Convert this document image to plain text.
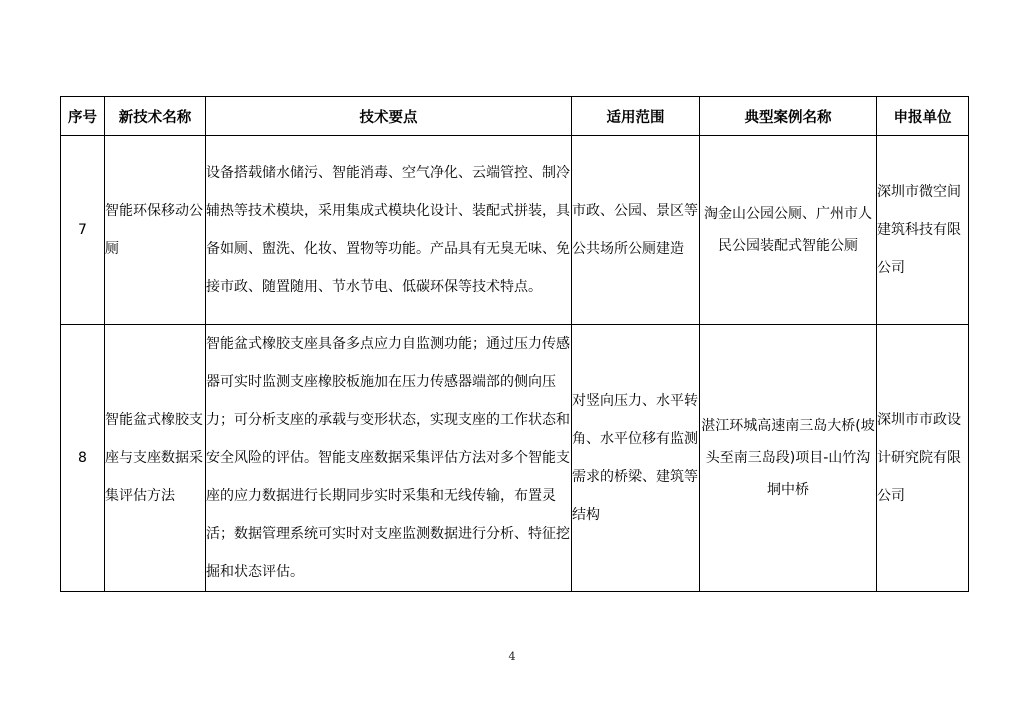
序号	新技术名称	技术要点	适用范围	典型案例名称	申报单位
7	智能环保移动公厕	设备搭载储水储污、智能消毒、空气净化、云端管控、制冷辅热等技术模块，采用集成式模块化设计、装配式拼装，具备如厕、盥洗、化妆、置物等功能。产品具有无臭无味、免接市政、随置随用、节水节电、低碳环保等技术特点。	市政、公园、景区等公共场所公厕建造	淘金山公园公厕、广州市人民公园装配式智能公厕	深圳市微空间建筑科技有限公司
8	智能盆式橡胶支座与支座数据采集评估方法	智能盆式橡胶支座具备多点应力自监测功能；通过压力传感器可实时监测支座橡胶板施加在压力传感器端部的侧向压力；可分析支座的承载与变形状态，实现支座的工作状态和安全风险的评估。智能支座数据采集评估方法对多个智能支座的应力数据进行长期同步实时采集和无线传输，布置灵活；数据管理系统可实时对支座监测数据进行分析、特征挖掘和状态评估。	对竖向压力、水平转角、水平位移有监测需求的桥梁、建筑等结构	湛江环城高速南三岛大桥(坡头至南三岛段)项目-山竹沟垌中桥	深圳市市政设计研究院有限公司
4
